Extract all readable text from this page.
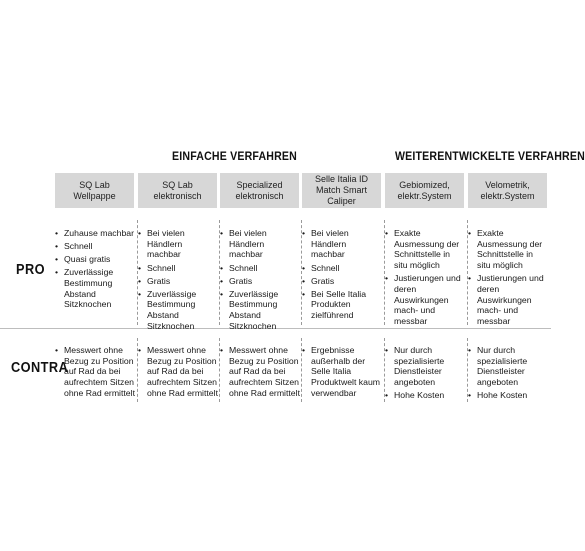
EINFACHE VERFAHREN	WEITERENTWICKELTE VERFAHREN
SQ Lab
Wellpappe
SQ Lab
elektronisch
Specialized
elektronisch
Selle Italia ID
Match Smart
Caliper
Gebiomized,
elektr.System
Velometrik,
elektr.System
PRO
CONTRA
• Zuhause machbar
• Schnell
• Quasi gratis
• Zuverlässige Bestimmung Abstand Sitzknochen
• Bei vielen Händlern machbar
• Schnell
• Gratis
• Zuverlässige Bestimmung Abstand Sitzknochen
• Bei vielen Händlern machbar
• Schnell
• Gratis
• Zuverlässige Bestimmung Abstand Sitzknochen
• Bei vielen Händlern machbar
• Schnell
• Gratis
• Bei Selle Italia Produkten zielführend
• Exakte Ausmessung der Schnittstelle in situ möglich
• Justierungen und deren Auswirkungen mach- und messbar
• Exakte Ausmessung der Schnittstelle in situ möglich
• Justierungen und deren Auswirkungen mach- und messbar
• Messwert ohne Bezug zu Position auf Rad da bei aufrechtem Sitzen ohne Rad ermittelt
• Messwert ohne Bezug zu Position auf Rad da bei aufrechtem Sitzen ohne Rad ermittelt
• Messwert ohne Bezug zu Position auf Rad da bei aufrechtem Sitzen ohne Rad ermittelt
• Ergebnisse außerhalb der Selle Italia Produktwelt kaum verwendbar
• Nur durch spezialisierte Dienstleister angeboten
• Hohe Kosten
• Nur durch spezialisierte Dienstleister angeboten
• Hohe Kosten
